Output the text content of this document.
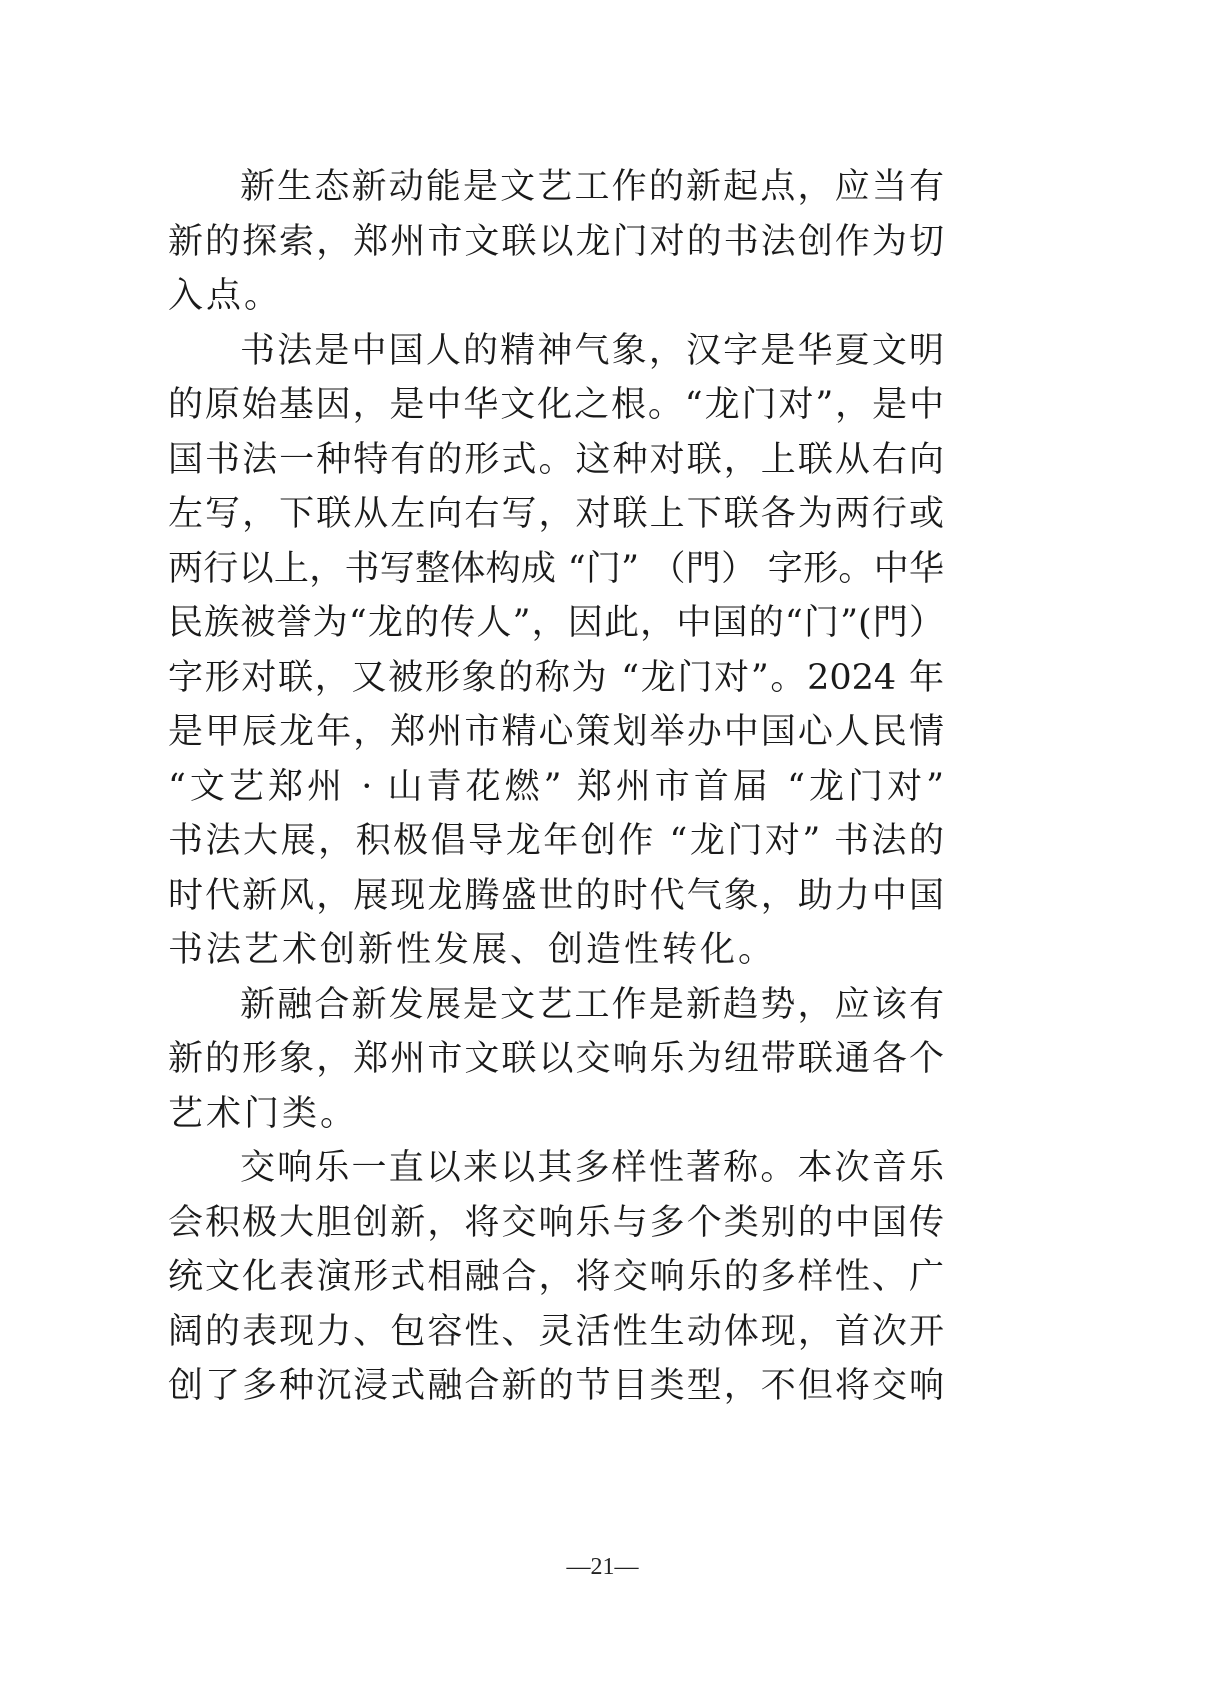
新生态新动能是文艺工作的新起点，应当有
新的探索，郑州市文联以龙门对的书法创作为切
入点。
书法是中国人的精神气象，汉字是华夏文明
的原始基因，是中华文化之根。“龙门对”，是中
国书法一种特有的形式。这种对联，上联从右向
左写，下联从左向右写，对联上下联各为两行或
两行以上，书写整体构成 “门” （門） 字形。中华
民族被誉为“龙的传人”，因此，中国的“门”(門）
字形对联，又被形象的称为 “龙门对”。2024 年
是甲辰龙年，郑州市精心策划举办中国心人民情
“文艺郑州 · 山青花燃” 郑州市首届 “龙门对”
书法大展，积极倡导龙年创作 “龙门对” 书法的
时代新风，展现龙腾盛世的时代气象，助力中国
书法艺术创新性发展、创造性转化。
新融合新发展是文艺工作是新趋势，应该有
新的形象，郑州市文联以交响乐为纽带联通各个
艺术门类。
交响乐一直以来以其多样性著称。本次音乐
会积极大胆创新，将交响乐与多个类别的中国传
统文化表演形式相融合，将交响乐的多样性、广
阔的表现力、包容性、灵活性生动体现，首次开
创了多种沉浸式融合新的节目类型，不但将交响
—21—
